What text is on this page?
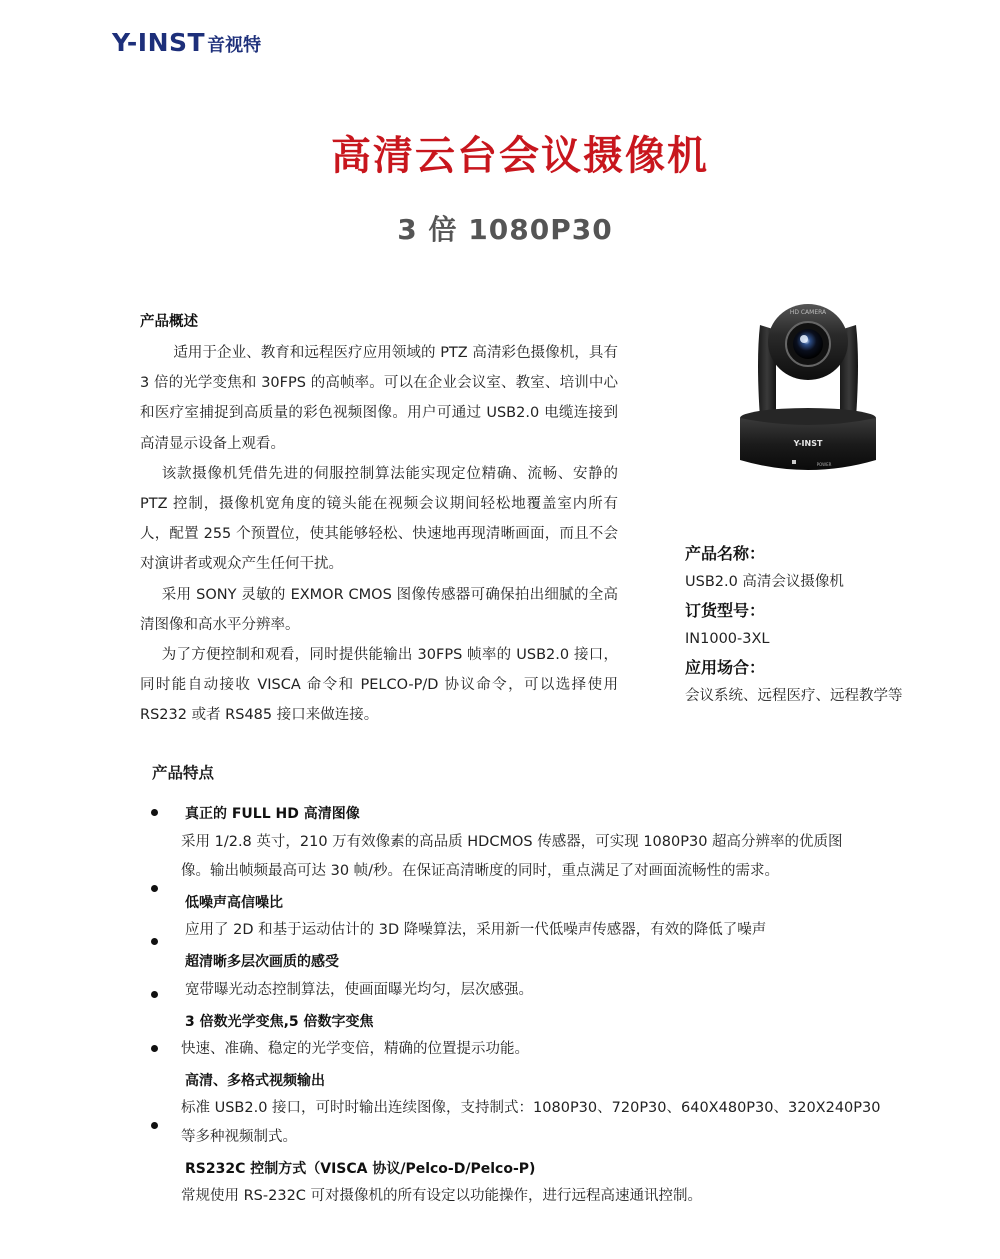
Y-INST 音视特
高清云台会议摄像机
3 倍 1080P30
产品概述

适用于企业、教育和远程医疗应用领域的 PTZ 高清彩色摄像机，具有 3 倍的光学变焦和 30FPS 的高帧率。可以在企业会议室、教室、培训中心和医疗室捕捉到高质量的彩色视频图像。用户可通过 USB2.0 电缆连接到高清显示设备上观看。

该款摄像机凭借先进的伺服控制算法能实现定位精确、流畅、安静的 PTZ 控制，摄像机宽角度的镜头能在视频会议期间轻松地覆盖室内所有人，配置 255 个预置位，使其能够轻松、快速地再现清晰画面，而且不会对演讲者或观众产生任何干扰。

采用 SONY 灵敏的 EXMOR CMOS 图像传感器可确保拍出细腻的全高清图像和高水平分辨率。

为了方便控制和观看，同时提供能输出 30FPS 帧率的 USB2.0 接口，同时能自动接收 VISCA 命令和 PELCO-P/D 协议命令，可以选择使用 RS232 或者 RS485 接口来做连接。

HD CAMERA
Y-INST
POWER
产品名称：
USB2.0 高清会议摄像机
订货型号：
IN1000-3XL
应用场合：
会议系统、远程医疗、远程教学等
产品特点
真正的 FULL HD 高清图像
采用 1/2.8 英寸，210 万有效像素的高品质 HDCMOS 传感器，可实现 1080P30 超高分辨率的优质图
像。输出帧频最高可达 30 帧/秒。在保证高清晰度的同时，重点满足了对画面流畅性的需求。
低噪声高信噪比
应用了 2D 和基于运动估计的 3D 降噪算法，采用新一代低噪声传感器，有效的降低了噪声
超清晰多层次画质的感受
宽带曝光动态控制算法，使画面曝光均匀，层次感强。
3 倍数光学变焦,5 倍数字变焦
快速、准确、稳定的光学变倍，精确的位置提示功能。
高清、多格式视频输出
标准 USB2.0 接口，可时时输出连续图像，支持制式：1080P30、720P30、640X480P30、320X240P30
等多种视频制式。
RS232C 控制方式（VISCA 协议/Pelco-D/Pelco-P)
常规使用 RS-232C 可对摄像机的所有设定以功能操作，进行远程高速通讯控制。
